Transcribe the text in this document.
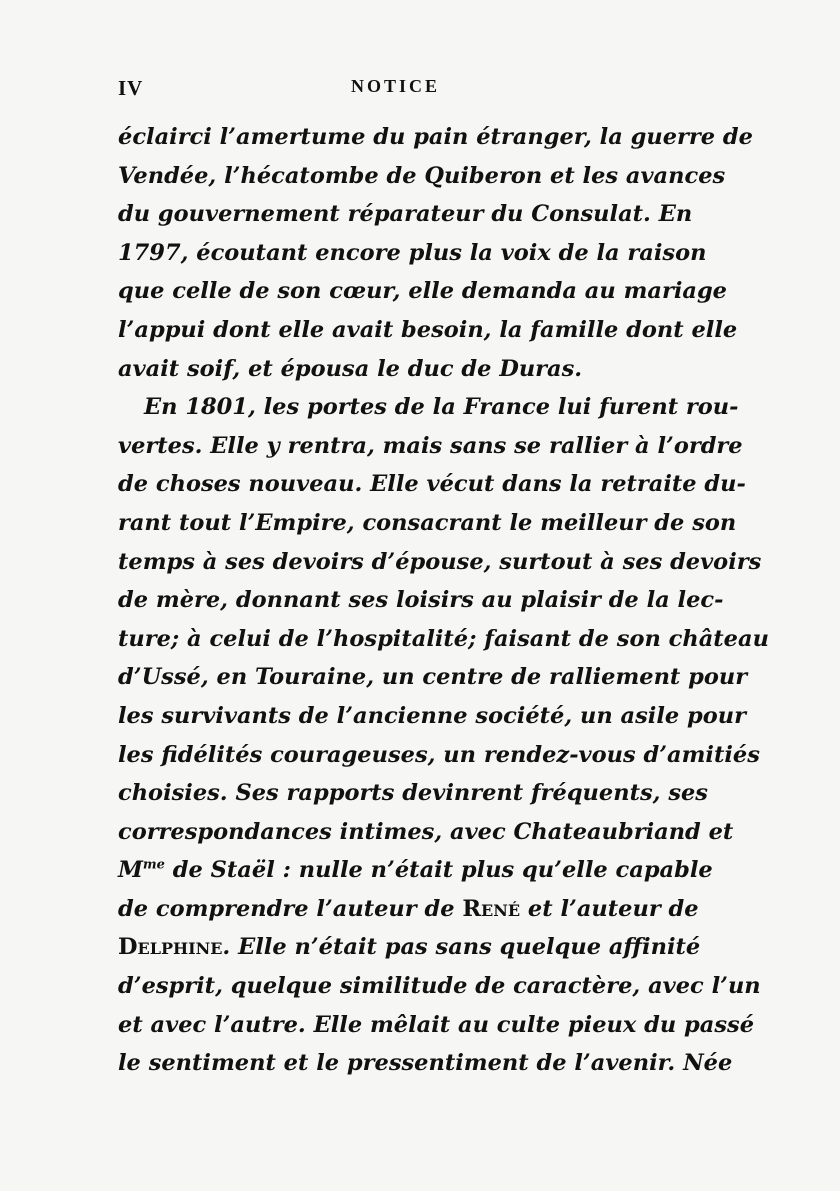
IV	NOTICE
éclairci l’amertume du pain étranger, la guerre de
Vendée, l’hécatombe de Quiberon et les avances
du gouvernement réparateur du Consulat. En
1797, écoutant encore plus la voix de la raison
que celle de son cœur, elle demanda au mariage
l’appui dont elle avait besoin, la famille dont elle
avait soif, et épousa le duc de Duras.
En 1801, les portes de la France lui furent rou-
vertes. Elle y rentra, mais sans se rallier à l’ordre
de choses nouveau. Elle vécut dans la retraite du-
rant tout l’Empire, consacrant le meilleur de son
temps à ses devoirs d’épouse, surtout à ses devoirs
de mère, donnant ses loisirs au plaisir de la lec-
ture; à celui de l’hospitalité; faisant de son château
d’Ussé, en Touraine, un centre de ralliement pour
les survivants de l’ancienne société, un asile pour
les fidélités courageuses, un rendez-vous d’amitiés
choisies. Ses rapports devinrent fréquents, ses
correspondances intimes, avec Chateaubriand et
$M^{me}$ de Staël : nulle n’était plus qu’elle capable
de comprendre l’auteur de René et l’auteur de
Delphine. Elle n’était pas sans quelque affinité
d’esprit, quelque similitude de caractère, avec l’un
et avec l’autre. Elle mêlait au culte pieux du passé
le sentiment et le pressentiment de l’avenir. Née
